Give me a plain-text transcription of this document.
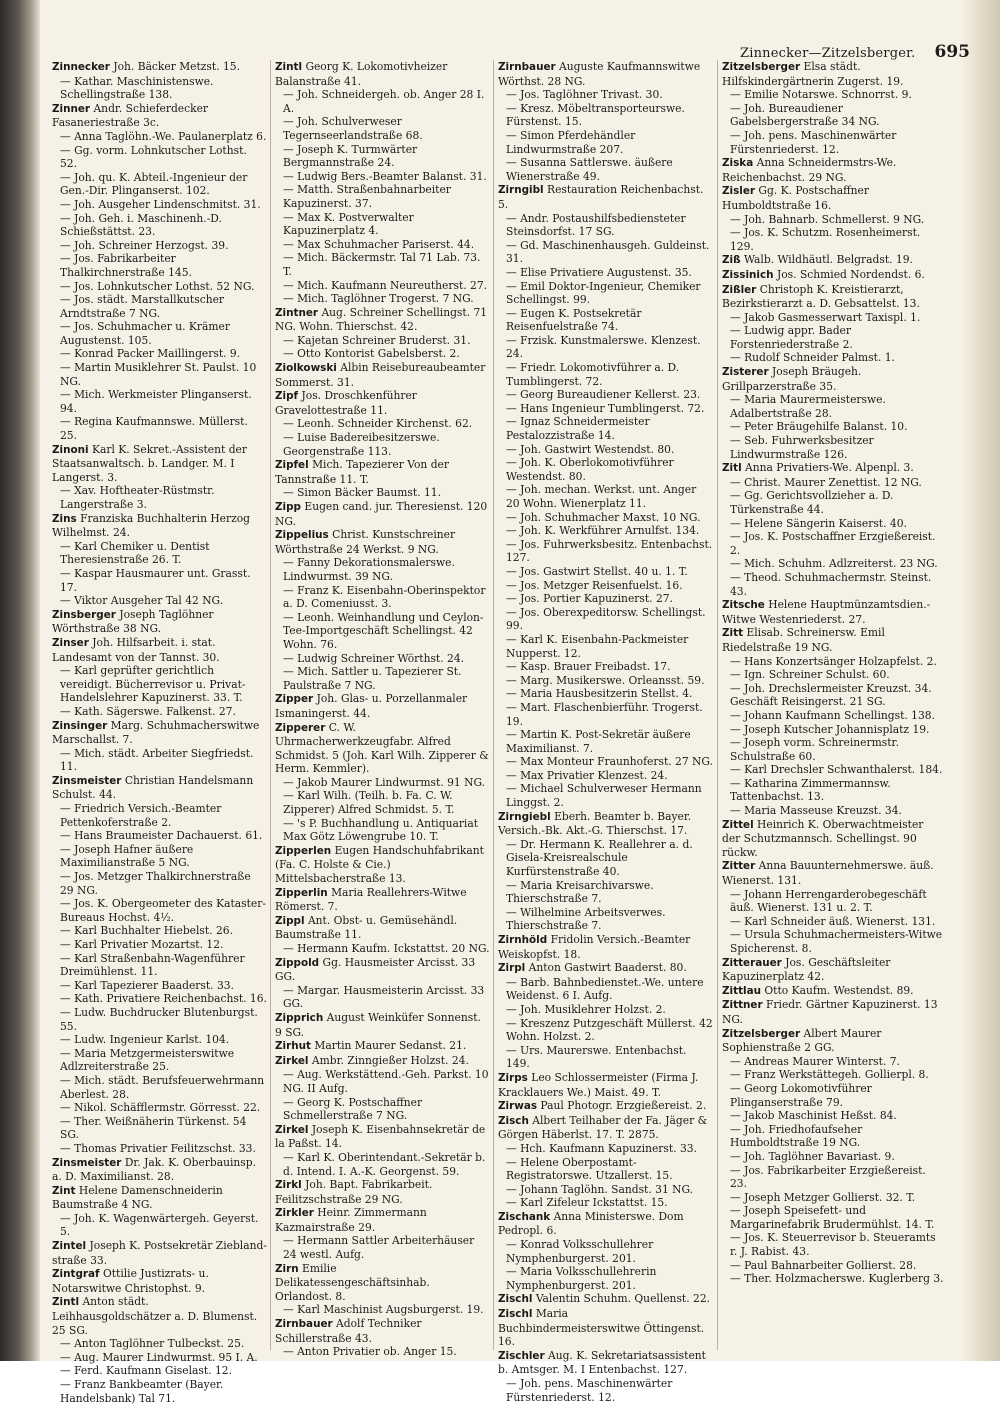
Zinnecker—Zitzelsberger. 695
Zinnecker Joh. Bäcker Metzst. 15.
— Kathar. Maschinistenswe. Schellingstraße 138.
Zinner Andr. Schieferdecker Fasaneriestraße 3c.
— Anna Taglöhn.-We. Paulanerplatz 6.
— Gg. vorm. Lohnkutscher Lothst. 52.
— Joh. qu. K. Abteil.-Ingenieur der Gen.-Dir. Plinganserst. 102.
— Joh. Ausgeher Lindenschmitst. 31.
— Joh. Geh. i. Maschinenh.-D. Schießstättst. 23.
— Joh. Schreiner Herzogst. 39.
— Jos. Fabrikarbeiter Thalkirchnerstraße 145.
— Jos. Lohnkutscher Lothst. 52 NG.
— Jos. städt. Marstallkutscher Arndtstraße 7 NG.
— Jos. Schuhmacher u. Krämer Augustenst. 105.
— Konrad Packer Maillingerst. 9.
— Martin Musiklehrer St. Paulst. 10 NG.
— Mich. Werkmeister Plinganserst. 94.
— Regina Kaufmannswe. Müllerst. 25.
Zinoni Karl K. Sekret.-Assistent der Staatsanwaltsch. b. Landger. M. I Langerst. 3.
— Xav. Hoftheater-Rüstmstr. Langerstraße 3.
Zins Franziska Buchhalterin Herzog Wilhelmst. 24.
— Karl Chemiker u. Dentist Theresienstraße 26. T.
— Kaspar Hausmaurer unt. Grasst. 17.
— Viktor Ausgeher Tal 42 NG.
Zinsberger Joseph Taglöhner Wörthstraße 38 NG.
Zinser Joh. Hilfsarbeit. i. stat. Landesamt von der Tannst. 30.
— Karl geprüfter gerichtlich vereidigt. Bücherrevisor u. Privat- Handelslehrer Kapuzinerst. 33. T.
— Kath. Sägerswe. Falkenst. 27.
Zinsinger Marg. Schuhmacherswitwe Marschallst. 7.
— Mich. städt. Arbeiter Siegfriedst. 11.
Zinsmeister Christian Handelsmann Schulst. 44.
— Friedrich Versich.-Beamter Pettenkoferstraße 2.
— Hans Braumeister Dachauerst. 61.
— Joseph Hafner äußere Maximilianstraße 5 NG.
— Jos. Metzger Thalkirchnerstraße 29 NG.
— Jos. K. Obergeometer des Kataster-Bureaus Hochst. 4½.
— Karl Buchhalter Hiebelst. 26.
— Karl Privatier Mozartst. 12.
— Karl Straßenbahn-Wagenführer Dreimühlenst. 11.
— Karl Tapezierer Baaderst. 33.
— Kath. Privatiere Reichenbachst. 16.
— Ludw. Buchdrucker Blutenburgst. 55.
— Ludw. Ingenieur Karlst. 104.
— Maria Metzgermeisterswitwe Adlzreiterstraße 25.
— Mich. städt. Berufsfeuerwehrmann Aberlest. 28.
— Nikol. Schäfflermstr. Görresst. 22.
— Ther. Weißnäherin Türkenst. 54 SG.
— Thomas Privatier Feilitzschst. 33.
Zinsmeister Dr. Jak. K. Oberbauinsp. a. D. Maximilianst. 28.
Zint Helene Damenschneiderin Baumstraße 4 NG.
— Joh. K. Wagenwärtergeh. Geyerst. 5.
Zintel Joseph K. Postsekretär Ziebland-straße 33.
Zintgraf Ottilie Justizrats- u. Notarswitwe Christophst. 9.
Zintl Anton städt. Leihhausgoldschätzer a. D. Blumenst. 25 SG.
— Anton Taglöhner Tulbeckst. 25.
— Aug. Maurer Lindwurmst. 95 I. A.
— Ferd. Kaufmann Giselast. 12.
— Franz Bankbeamter (Bayer. Handelsbank) Tal 71.
Zintl Georg K. Lokomotivheizer Balanstraße 41.
— Joh. Schneidergeh. ob. Anger 28 I. A.
— Joh. Schulverweser Tegernseerlandstraße 68.
— Joseph K. Turmwärter Bergmannstraße 24.
— Ludwig Bers.-Beamter Balanst. 31.
— Matth. Straßenbahnarbeiter Kapuzinerst. 37.
— Max K. Postverwalter Kapuzinerplatz 4.
— Max Schuhmacher Pariserst. 44.
— Mich. Bäckermstr. Tal 71 Lab. 73. T.
— Mich. Kaufmann Neureutherst. 27.
— Mich. Taglöhner Trogerst. 7 NG.
Zintner Aug. Schreiner Schellingst. 71 NG. Wohn. Thierschst. 42.
— Kajetan Schreiner Bruderst. 31.
— Otto Kontorist Gabelsberst. 2.
Ziolkowski Albin Reisebureaubeamter Sommerst. 31.
Zipf Jos. Droschkenführer Gravelottestraße 11.
— Leonh. Schneider Kirchenst. 62.
— Luise Badereibesitzerswe. Georgenstraße 113.
Zipfel Mich. Tapezierer Von der Tannstraße 11. T.
— Simon Bäcker Baumst. 11.
Zipp Eugen cand. jur. Theresienst. 120 NG.
Zippelius Christ. Kunstschreiner Wörthstraße 24 Werkst. 9 NG.
— Fanny Dekorationsmalerswe. Lindwurmst. 39 NG.
— Franz K. Eisenbahn-Oberinspektor a. D. Comeniusst. 3.
— Leonh. Weinhandlung und Ceylon-Tee-Importgeschäft Schellingst. 42 Wohn. 76.
— Ludwig Schreiner Wörthst. 24.
— Mich. Sattler u. Tapezierer St. Paulstraße 7 NG.
Zipper Joh. Glas- u. Porzellanmaler Ismaningerst. 44.
Zipperer C. W. Uhrmacherwerkzeugfabr. Alfred Schmidst. 5 (Joh. Karl Wilh. Zipperer & Herm. Kemmler).
— Jakob Maurer Lindwurmst. 91 NG.
— Karl Wilh. (Teilh. b. Fa. C. W. Zipperer) Alfred Schmidst. 5. T.
— 's P. Buchhandlung u. Antiquariat Max Götz Löwengrube 10. T.
Zipperlen Eugen Handschuhfabrikant (Fa. C. Holste & Cie.) Mittelsbacherstraße 13.
Zipperlin Maria Reallehrers-Witwe Römerst. 7.
Zippl Ant. Obst- u. Gemüsehändl. Baumstraße 11.
— Hermann Kaufm. Ickstattst. 20 NG.
Zippold Gg. Hausmeister Arcisst. 33 GG.
— Margar. Hausmeisterin Arcisst. 33 GG.
Zipprich August Weinküfer Sonnenst. 9 SG.
Zirhut Martin Maurer Sedanst. 21.
Zirkel Ambr. Zinngießer Holzst. 24.
— Aug. Werkstättend.-Geh. Parkst. 10 NG. II Aufg.
— Georg K. Postschaffner Schmellerstraße 7 NG.
Zirkel Joseph K. Eisenbahnsekretär de la Paßst. 14.
— Karl K. Oberintendant.-Sekretär b. d. Intend. I. A.-K. Georgenst. 59.
Zirkl Joh. Bapt. Fabrikarbeit. Feilitzschstraße 29 NG.
Zirkler Heinr. Zimmermann Kazmairstraße 29.
— Hermann Sattler Arbeiterhäuser 24 westl. Aufg.
Zirn Emilie Delikatessengeschäftsinhab. Orlandost. 8.
— Karl Maschinist Augsburgerst. 19.
Zirnbauer Adolf Techniker Schillerstraße 43.
— Anton Privatier ob. Anger 15.
Zirnbauer Auguste Kaufmannswitwe Wörthst. 28 NG.
— Jos. Taglöhner Trivast. 30.
— Kresz. Möbeltransporteurswe. Fürstenst. 15.
— Simon Pferdehändler Lindwurmstraße 207.
— Susanna Sattlerswe. äußere Wienerstraße 49.
Zirngibl Restauration Reichenbachst. 5.
— Andr. Postaushilfsbediensteter Steinsdorfst. 17 SG.
— Gd. Maschinenhausgeh. Guldeinst. 31.
— Elise Privatiere Augustenst. 35.
— Emil Doktor-Ingenieur, Chemiker Schellingst. 99.
— Eugen K. Postsekretär Reisenfuelstraße 74.
— Frzisk. Kunstmalerswe. Klenzest. 24.
— Friedr. Lokomotivführer a. D. Tumblingerst. 72.
— Georg Bureaudiener Kellerst. 23.
— Hans Ingenieur Tumblingerst. 72.
— Ignaz Schneidermeister Pestalozzistraße 14.
— Joh. Gastwirt Westendst. 80.
— Joh. K. Oberlokomotivführer Westendst. 80.
— Joh. mechan. Werkst. unt. Anger 20 Wohn. Wienerplatz 11.
— Joh. Schuhmacher Maxst. 10 NG.
— Joh. K. Werkführer Arnulfst. 134.
— Jos. Fuhrwerksbesitz. Entenbachst. 127.
— Jos. Gastwirt Stellst. 40 u. 1. T.
— Jos. Metzger Reisenfuelst. 16.
— Jos. Portier Kapuzinerst. 27.
— Jos. Oberexpeditorsw. Schellingst. 99.
— Karl K. Eisenbahn-Packmeister Nupperst. 12.
— Kasp. Brauer Freibadst. 17.
— Marg. Musikerswe. Orleansst. 59.
— Maria Hausbesitzerin Stellst. 4.
— Mart. Flaschenbierführ. Trogerst. 19.
— Martin K. Post-Sekretär äußere Maximilianst. 7.
— Max Monteur Fraunhoferst. 27 NG.
— Max Privatier Klenzest. 24.
— Michael Schulverweser Hermann Linggst. 2.
Zirngiebl Eberh. Beamter b. Bayer. Versich.-Bk. Akt.-G. Thierschst. 17.
— Dr. Hermann K. Reallehrer a. d. Gisela-Kreisrealschule Kurfürstenstraße 40.
— Maria Kreisarchivarswe. Thierschstraße 7.
— Wilhelmine Arbeitsverwes. Thierschstraße 7.
Zirnhöld Fridolin Versich.-Beamter Weiskopfst. 18.
Zirpl Anton Gastwirt Baaderst. 80.
— Barb. Bahnbedienstet.-We. untere Weidenst. 6 I. Aufg.
— Joh. Musiklehrer Holzst. 2.
— Kreszenz Putzgeschäft Müllerst. 42 Wohn. Holzst. 2.
— Urs. Maurerswe. Entenbachst. 149.
Zirps Leo Schlossermeister (Firma J. Kracklauers We.) Maist. 49. T.
Zirwas Paul Photogr. Erzgießereist. 2.
Zisch Albert Teilhaber der Fa. Jäger & Görgen Häberlst. 17. T. 2875.
— Hch. Kaufmann Kapuzinerst. 33.
— Helene Oberpostamt-Registratorswe. Utzallerst. 15.
— Johann Taglöhn. Sandst. 31 NG.
— Karl Zifeleur Ickstattst. 15.
Zischank Anna Ministerswe. Dom Pedropl. 6.
— Konrad Volksschullehrer Nymphenburgerst. 201.
— Maria Volksschullehrerin Nymphenburgerst. 201.
Zischl Valentin Schuhm. Quellenst. 22.
Zischl Maria Buchbindermeisterswitwe Öttingenst. 16.
Zischler Aug. K. Sekretariatsassistent b. Amtsger. M. I Entenbachst. 127.
— Joh. pens. Maschinenwärter Fürstenriederst. 12.
Zitzelsberger Elsa städt. Hilfskindergärtnerin Zugerst. 19.
— Emilie Notarswe. Schnorrst. 9.
— Joh. Bureaudiener Gabelsbergerstraße 34 NG.
— Joh. pens. Maschinenwärter Fürstenriederst. 12.
Ziska Anna Schneidermstrs-We. Reichenbachst. 29 NG.
Zisler Gg. K. Postschaffner Humboldtstraße 16.
— Joh. Bahnarb. Schmellerst. 9 NG.
— Jos. K. Schutzm. Rosenheimerst. 129.
Ziß Walb. Wildhäutl. Belgradst. 19.
Zissinich Jos. Schmied Nordendst. 6.
Zißler Christoph K. Kreistierarzt, Bezirkstierarzt a. D. Gebsattelst. 13.
— Jakob Gasmesserwart Taxispl. 1.
— Ludwig appr. Bader Forstenriederstraße 2.
— Rudolf Schneider Palmst. 1.
Zisterer Joseph Bräugeh. Grillparzerstraße 35.
— Maria Maurermeisterswe. Adalbertstraße 28.
— Peter Bräugehilfe Balanst. 10.
— Seb. Fuhrwerksbesitzer Lindwurmstraße 126.
Zitl Anna Privatiers-We. Alpenpl. 3.
— Christ. Maurer Zenettist. 12 NG.
— Gg. Gerichtsvollzieher a. D. Türkenstraße 44.
— Helene Sängerin Kaiserst. 40.
— Jos. K. Postschaffner Erzgießereist. 2.
— Mich. Schuhm. Adlzreiterst. 23 NG.
— Theod. Schuhmachermstr. Steinst. 43.
Zitsche Helene Hauptmünzamtsdien.-Witwe Westenriederst. 27.
Zitt Elisab. Schreinersw. Emil Riedelstraße 19 NG.
— Hans Konzertsänger Holzapfelst. 2.
— Ign. Schreiner Schulst. 60.
— Joh. Drechslermeister Kreuzst. 34. Geschäft Reisingerst. 21 SG.
— Johann Kaufmann Schellingst. 138.
— Joseph Kutscher Johannisplatz 19.
— Joseph vorm. Schreinermstr. Schulstraße 60.
— Karl Drechsler Schwanthalerst. 184.
— Katharina Zimmermannsw. Tattenbachst. 13.
— Maria Masseuse Kreuzst. 34.
Zittel Heinrich K. Oberwachtmeister der Schutzmannsch. Schellingst. 90 rückw.
Zitter Anna Bauunternehmerswe. äuß. Wienerst. 131.
— Johann Herrengarderobegeschäft äuß. Wienerst. 131 u. 2. T.
— Karl Schneider äuß. Wienerst. 131.
— Ursula Schuhmachermeisters-Witwe Spicherenst. 8.
Zitterauer Jos. Geschäftsleiter Kapuzinerplatz 42.
Zittlau Otto Kaufm. Westendst. 89.
Zittner Friedr. Gärtner Kapuzinerst. 13 NG.
Zitzelsberger Albert Maurer Sophienstraße 2 GG.
— Andreas Maurer Winterst. 7.
— Franz Werkstättegeh. Gollierpl. 8.
— Georg Lokomotivführer Plinganserstraße 79.
— Jakob Maschinist Heßst. 84.
— Joh. Friedhofaufseher Humboldtstraße 19 NG.
— Joh. Taglöhner Bavariast. 9.
— Jos. Fabrikarbeiter Erzgießereist. 23.
— Joseph Metzger Gollierst. 32. T.
— Joseph Speisefett- und Margarinefabrik Brudermühlst. 14. T.
— Jos. K. Steuerrevisor b. Steueramts r. J. Rabist. 43.
— Paul Bahnarbeiter Gollierst. 28.
— Ther. Holzmacherswe. Kuglerberg 3.
